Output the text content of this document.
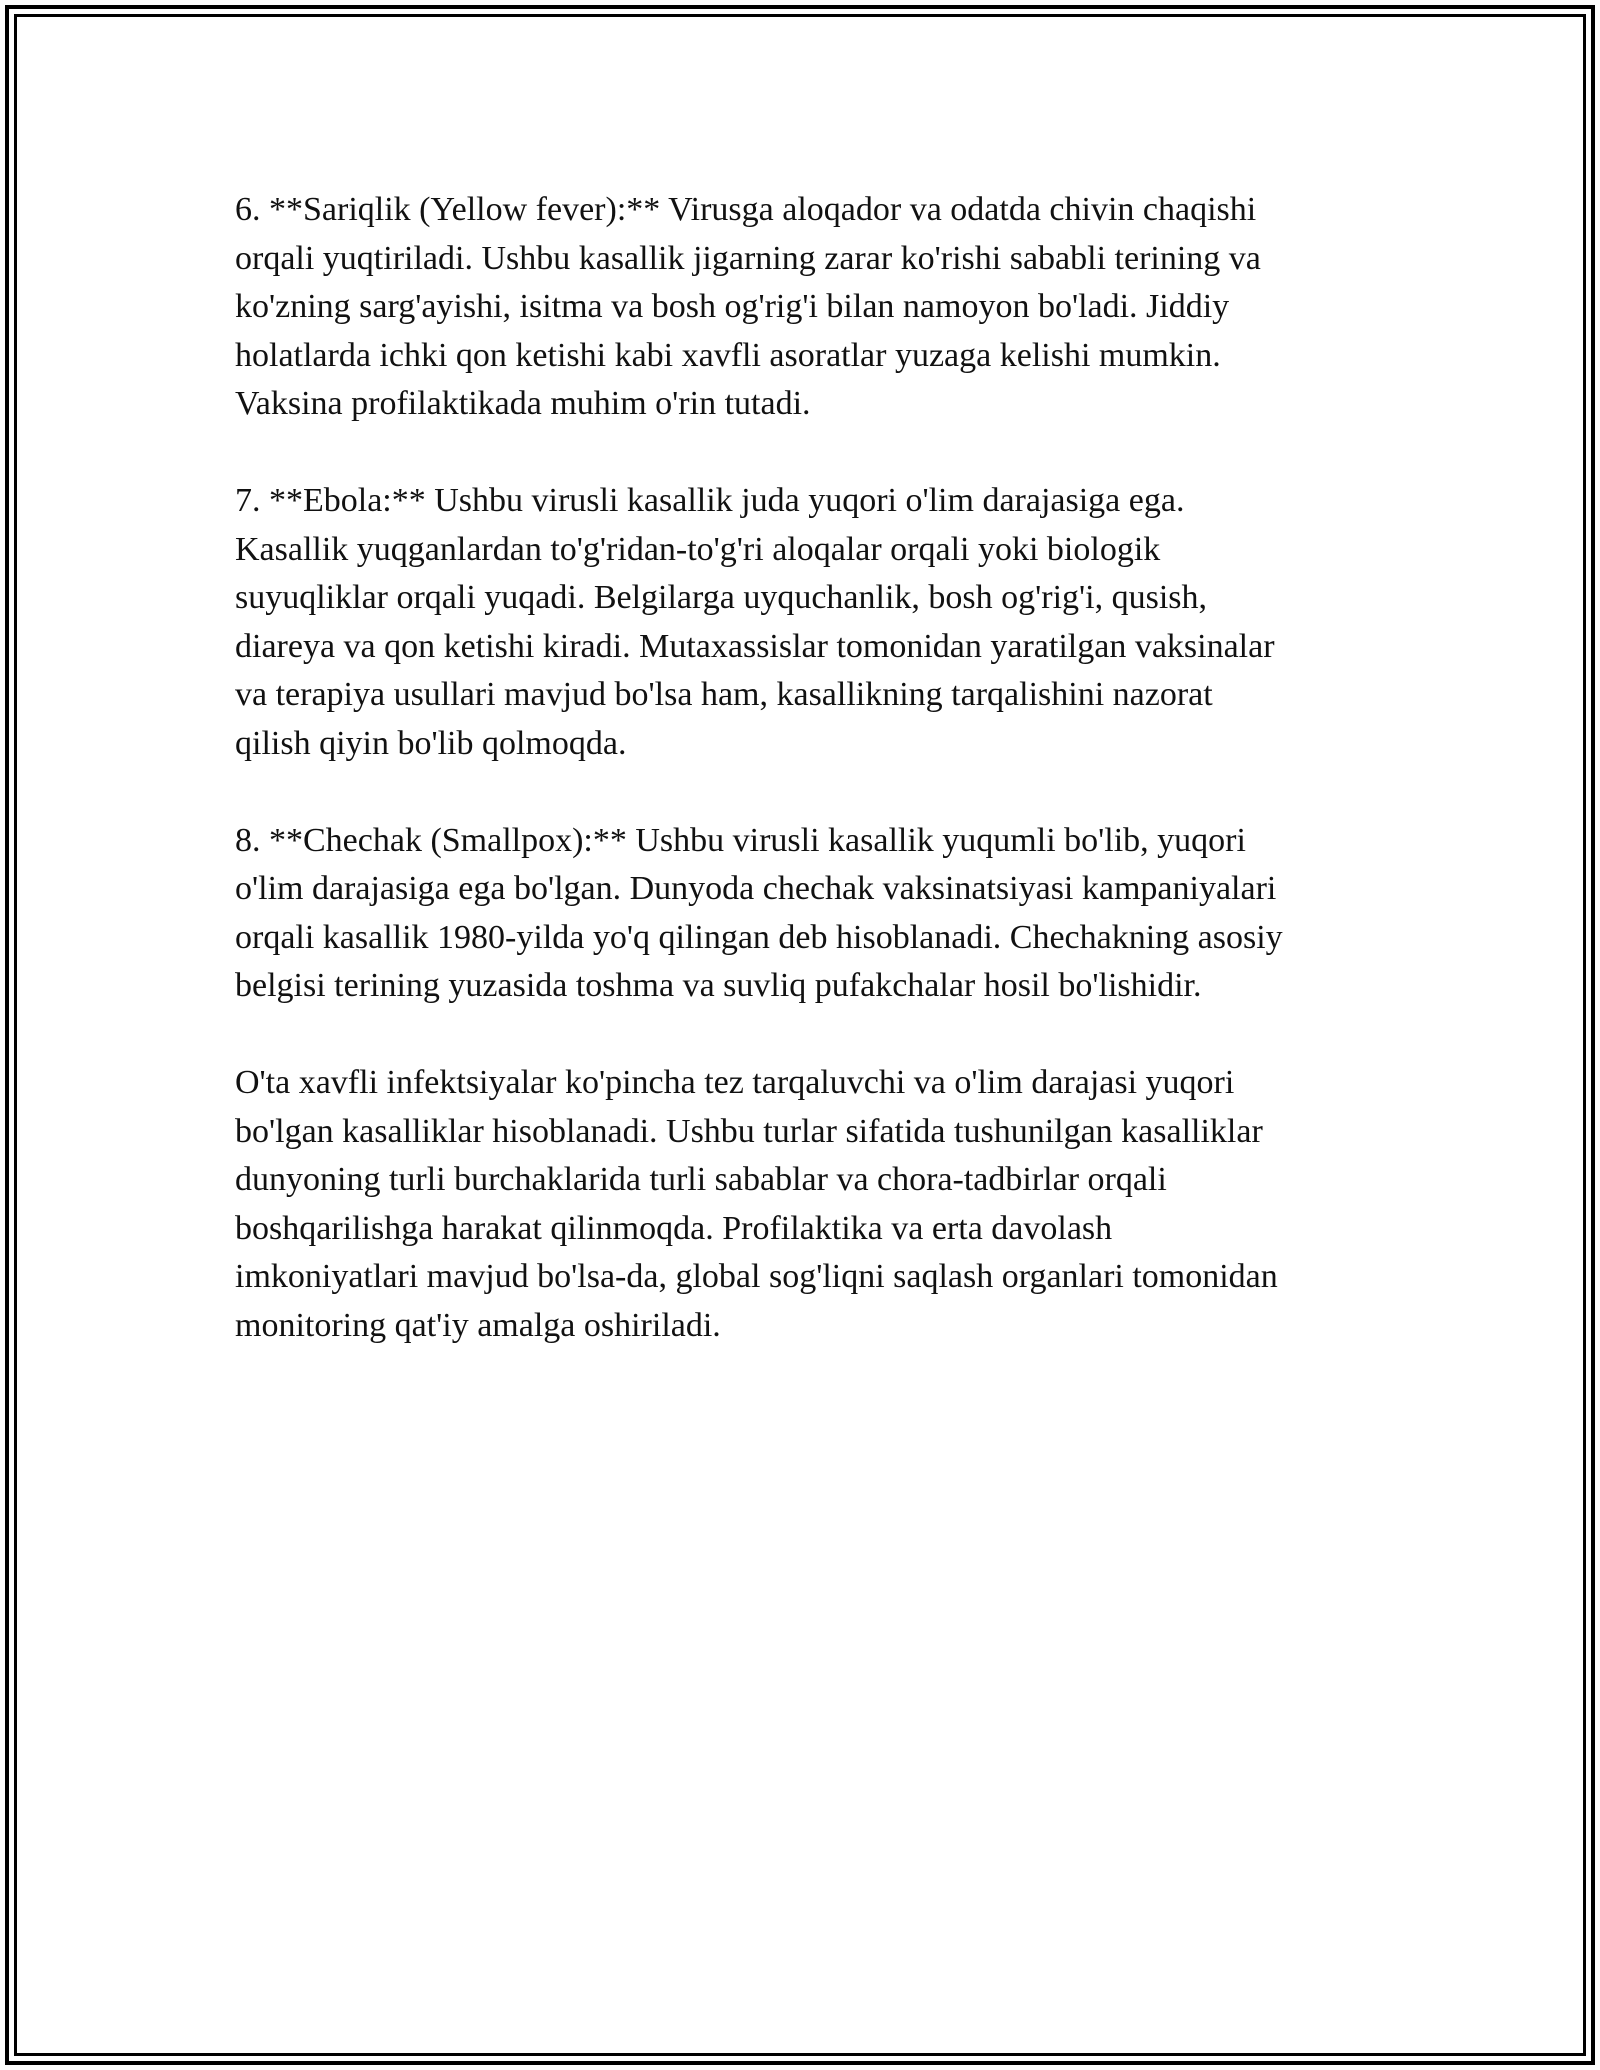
6. **Sariqlik (Yellow fever):** Virusga aloqador va odatda chivin chaqishi
orqali yuqtiriladi. Ushbu kasallik jigarning zarar ko'rishi sababli terining va
ko'zning sarg'ayishi, isitma va bosh og'rig'i bilan namoyon bo'ladi. Jiddiy
holatlarda ichki qon ketishi kabi xavfli asoratlar yuzaga kelishi mumkin.
Vaksina profilaktikada muhim o'rin tutadi.

7. **Ebola:** Ushbu virusli kasallik juda yuqori o'lim darajasiga ega.
Kasallik yuqganlardan to'g'ridan-to'g'ri aloqalar orqali yoki biologik
suyuqliklar orqali yuqadi. Belgilarga uyquchanlik, bosh og'rig'i, qusish,
diareya va qon ketishi kiradi. Mutaxassislar tomonidan yaratilgan vaksinalar
va terapiya usullari mavjud bo'lsa ham, kasallikning tarqalishini nazorat
qilish qiyin bo'lib qolmoqda.

8. **Chechak (Smallpox):** Ushbu virusli kasallik yuqumli bo'lib, yuqori
o'lim darajasiga ega bo'lgan. Dunyoda chechak vaksinatsiyasi kampaniyalari
orqali kasallik 1980-yilda yo'q qilingan deb hisoblanadi. Chechakning asosiy
belgisi terining yuzasida toshma va suvliq pufakchalar hosil bo'lishidir.

O'ta xavfli infektsiyalar ko'pincha tez tarqaluvchi va o'lim darajasi yuqori
bo'lgan kasalliklar hisoblanadi. Ushbu turlar sifatida tushunilgan kasalliklar
dunyoning turli burchaklarida turli sabablar va chora-tadbirlar orqali
boshqarilishga harakat qilinmoqda. Profilaktika va erta davolash
imkoniyatlari mavjud bo'lsa-da, global sog'liqni saqlash organlari tomonidan
monitoring qat'iy amalga oshiriladi.
